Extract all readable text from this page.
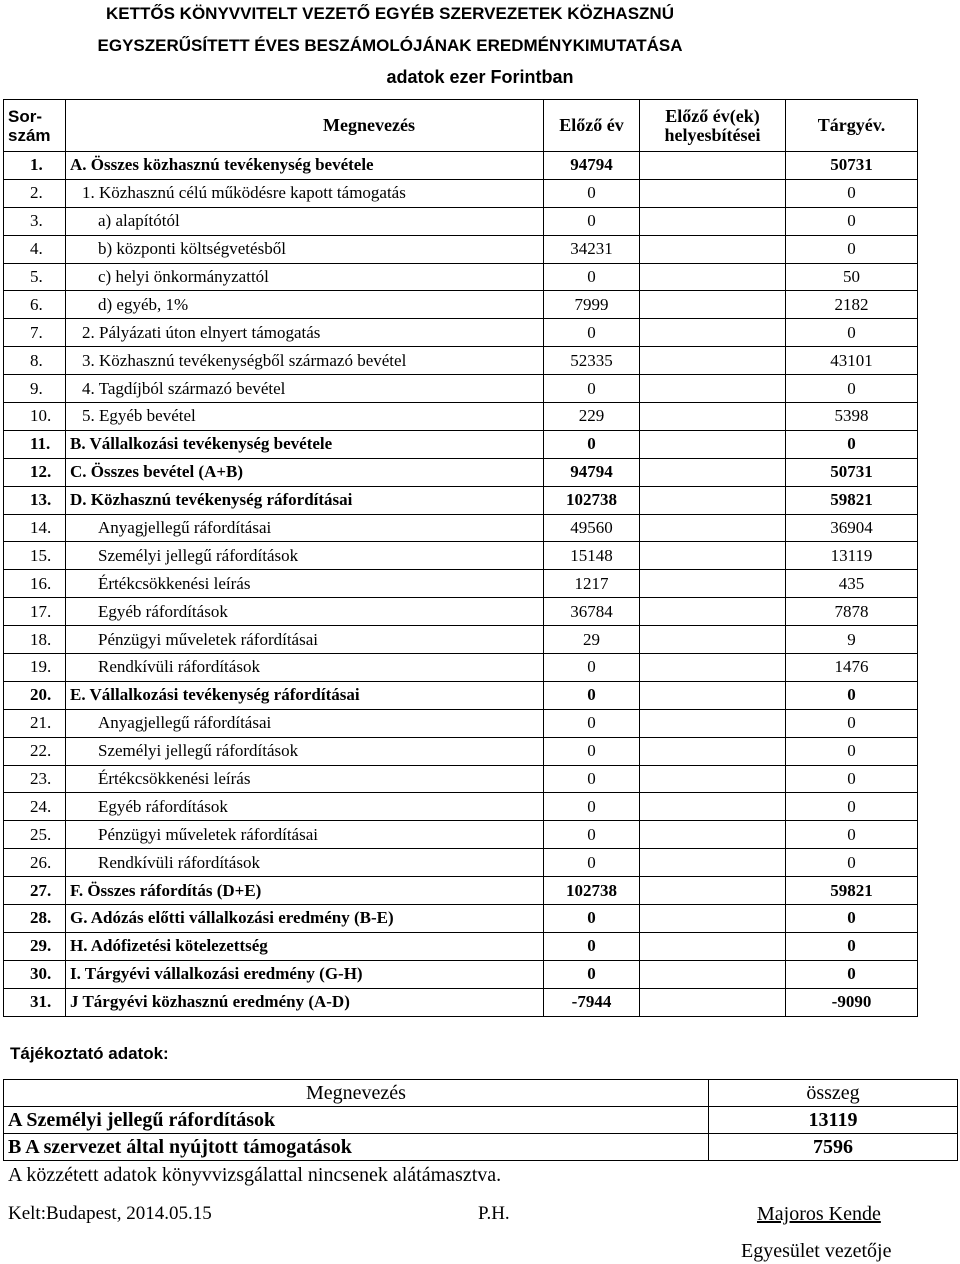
KETTŐS KÖNYVVITELT VEZETŐ EGYÉB SZERVEZETEK KÖZHASZNÚ
EGYSZERŰSÍTETT ÉVES BESZÁMOLÓJÁNAK EREDMÉNYKIMUTATÁSA
adatok ezer Forintban
Sor-
szám	Megnevezés	Előző év	Előző év(ek)
helyesbítései	Tárgyév.
1.	A. Összes közhasznú tevékenység bevétele	94794		50731
2.	1. Közhasznú célú működésre kapott támogatás	0		0
3.	a) alapítótól	0		0
4.	b) központi költségvetésből	34231		0
5.	c) helyi önkormányzattól	0		50
6.	d) egyéb, 1%	7999		2182
7.	2. Pályázati úton elnyert támogatás	0		0
8.	3. Közhasznú tevékenységből származó bevétel	52335		43101
9.	4. Tagdíjból származó bevétel	0		0
10.	5. Egyéb bevétel	229		5398
11.	B. Vállalkozási tevékenység bevétele	0		0
12.	C. Összes bevétel (A+B)	94794		50731
13.	D. Közhasznú tevékenység ráfordításai	102738		59821
14.	Anyagjellegű ráfordításai	49560		36904
15.	Személyi jellegű ráfordítások	15148		13119
16.	Értékcsökkenési leírás	1217		435
17.	Egyéb ráfordítások	36784		7878
18.	Pénzügyi műveletek ráfordításai	29		9
19.	Rendkívüli ráfordítások	0		1476
20.	E. Vállalkozási tevékenység ráfordításai	0		0
21.	Anyagjellegű ráfordításai	0		0
22.	Személyi jellegű ráfordítások	0		0
23.	Értékcsökkenési leírás	0		0
24.	Egyéb ráfordítások	0		0
25.	Pénzügyi műveletek ráfordításai	0		0
26.	Rendkívüli ráfordítások	0		0
27.	F. Összes ráfordítás (D+E)	102738		59821
28.	G. Adózás előtti vállalkozási eredmény (B-E)	0		0
29.	H. Adófizetési kötelezettség	0		0
30.	I. Tárgyévi vállalkozási eredmény (G-H)	0		0
31.	J Tárgyévi közhasznú eredmény (A-D)	-7944		-9090
Tájékoztató adatok:
Megnevezés	összeg
A Személyi jellegű ráfordítások	13119
B A szervezet által nyújtott támogatások	7596
A közzétett adatok könyvvizsgálattal nincsenek alátámasztva.
Kelt:Budapest, 2014.05.15	P.H.	Majoros Kende
Egyesület vezetője
